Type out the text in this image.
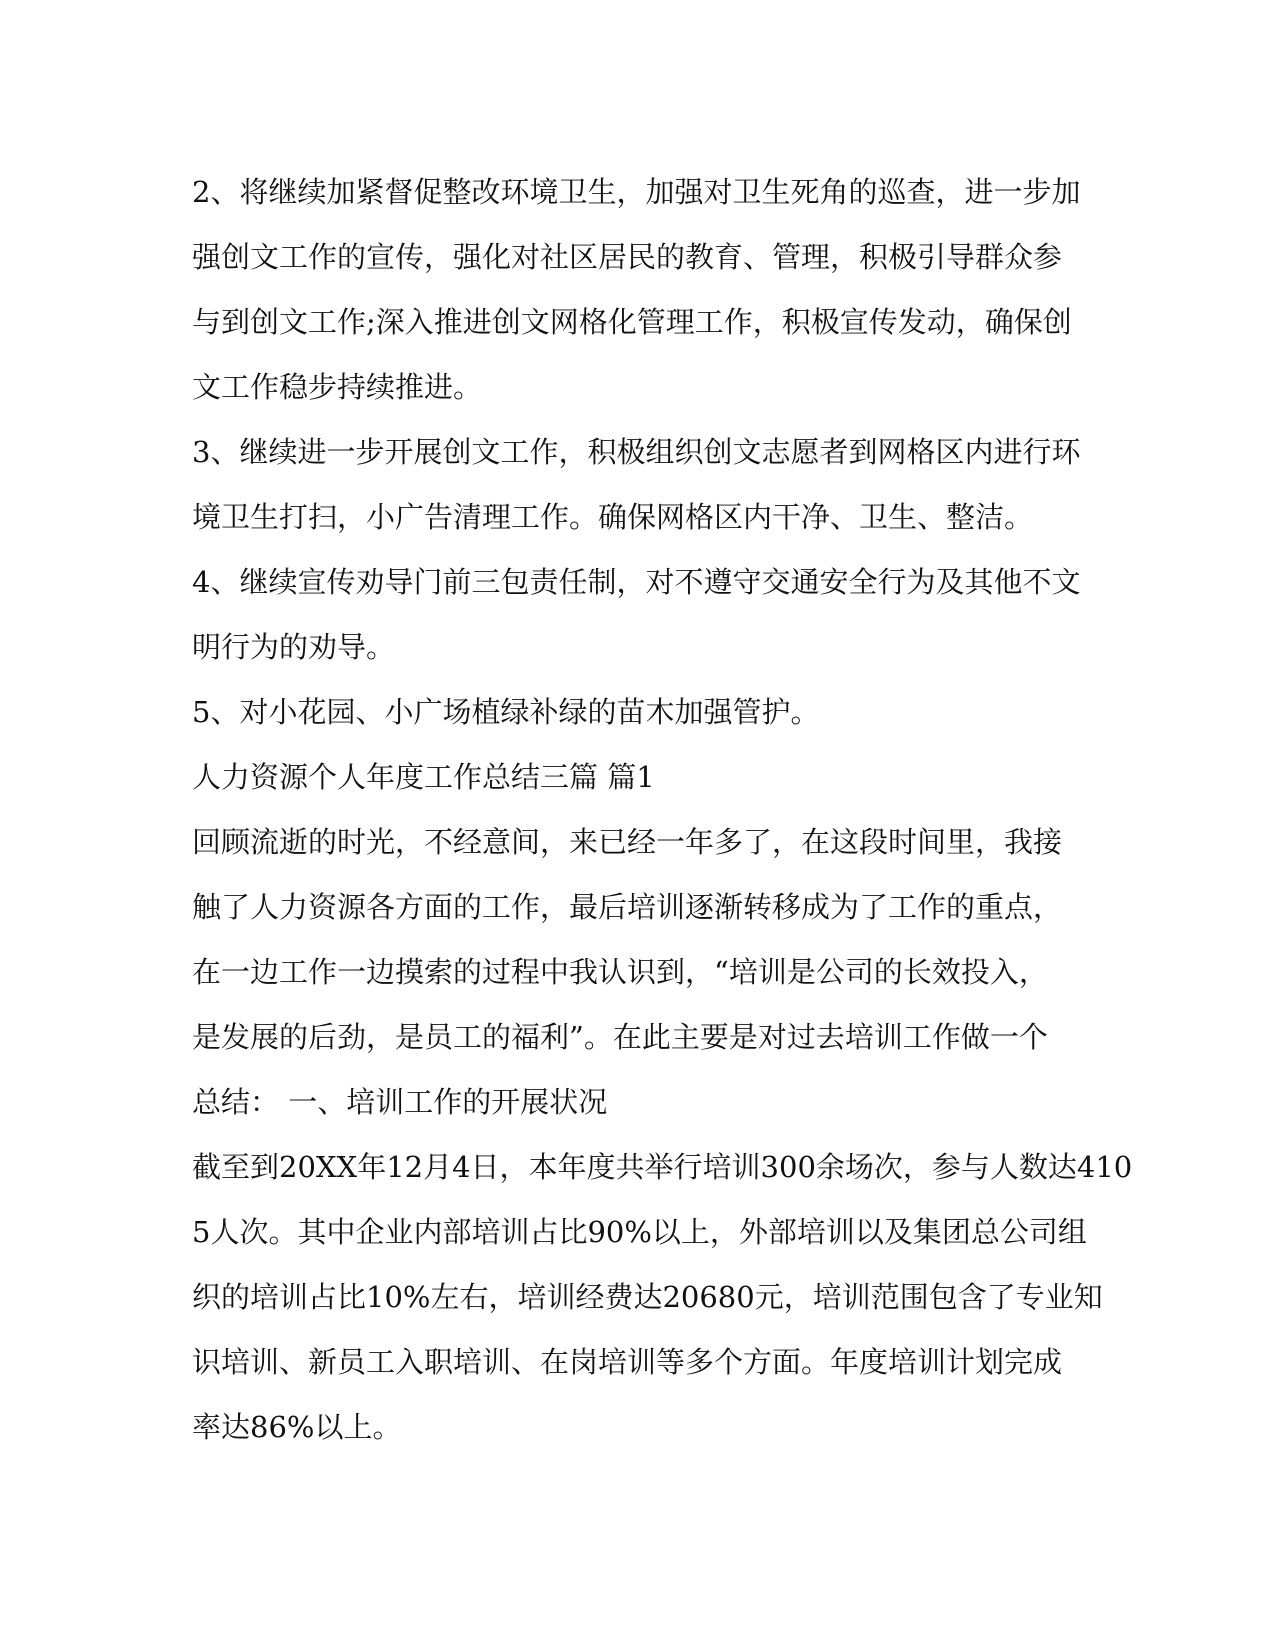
2、将继续加紧督促整改环境卫生，加强对卫生死角的巡查，进一步加
强创文工作的宣传，强化对社区居民的教育、管理，积极引导群众参
与到创文工作;深入推进创文网格化管理工作，积极宣传发动，确保创
文工作稳步持续推进。
3、继续进一步开展创文工作，积极组织创文志愿者到网格区内进行环
境卫生打扫，小广告清理工作。确保网格区内干净、卫生、整洁。
4、继续宣传劝导门前三包责任制，对不遵守交通安全行为及其他不文
明行为的劝导。
5、对小花园、小广场植绿补绿的苗木加强管护。
人力资源个人年度工作总结三篇 篇1
回顾流逝的时光，不经意间，来已经一年多了，在这段时间里，我接
触了人力资源各方面的工作，最后培训逐渐转移成为了工作的重点，
在一边工作一边摸索的过程中我认识到，“培训是公司的长效投入，
是发展的后劲，是员工的福利”。在此主要是对过去培训工作做一个
总结： 一、培训工作的开展状况
截至到20XX年12月4日，本年度共举行培训300余场次，参与人数达410
5人次。其中企业内部培训占比90%以上，外部培训以及集团总公司组
织的培训占比10%左右，培训经费达20680元，培训范围包含了专业知
识培训、新员工入职培训、在岗培训等多个方面。年度培训计划完成
率达86%以上。
